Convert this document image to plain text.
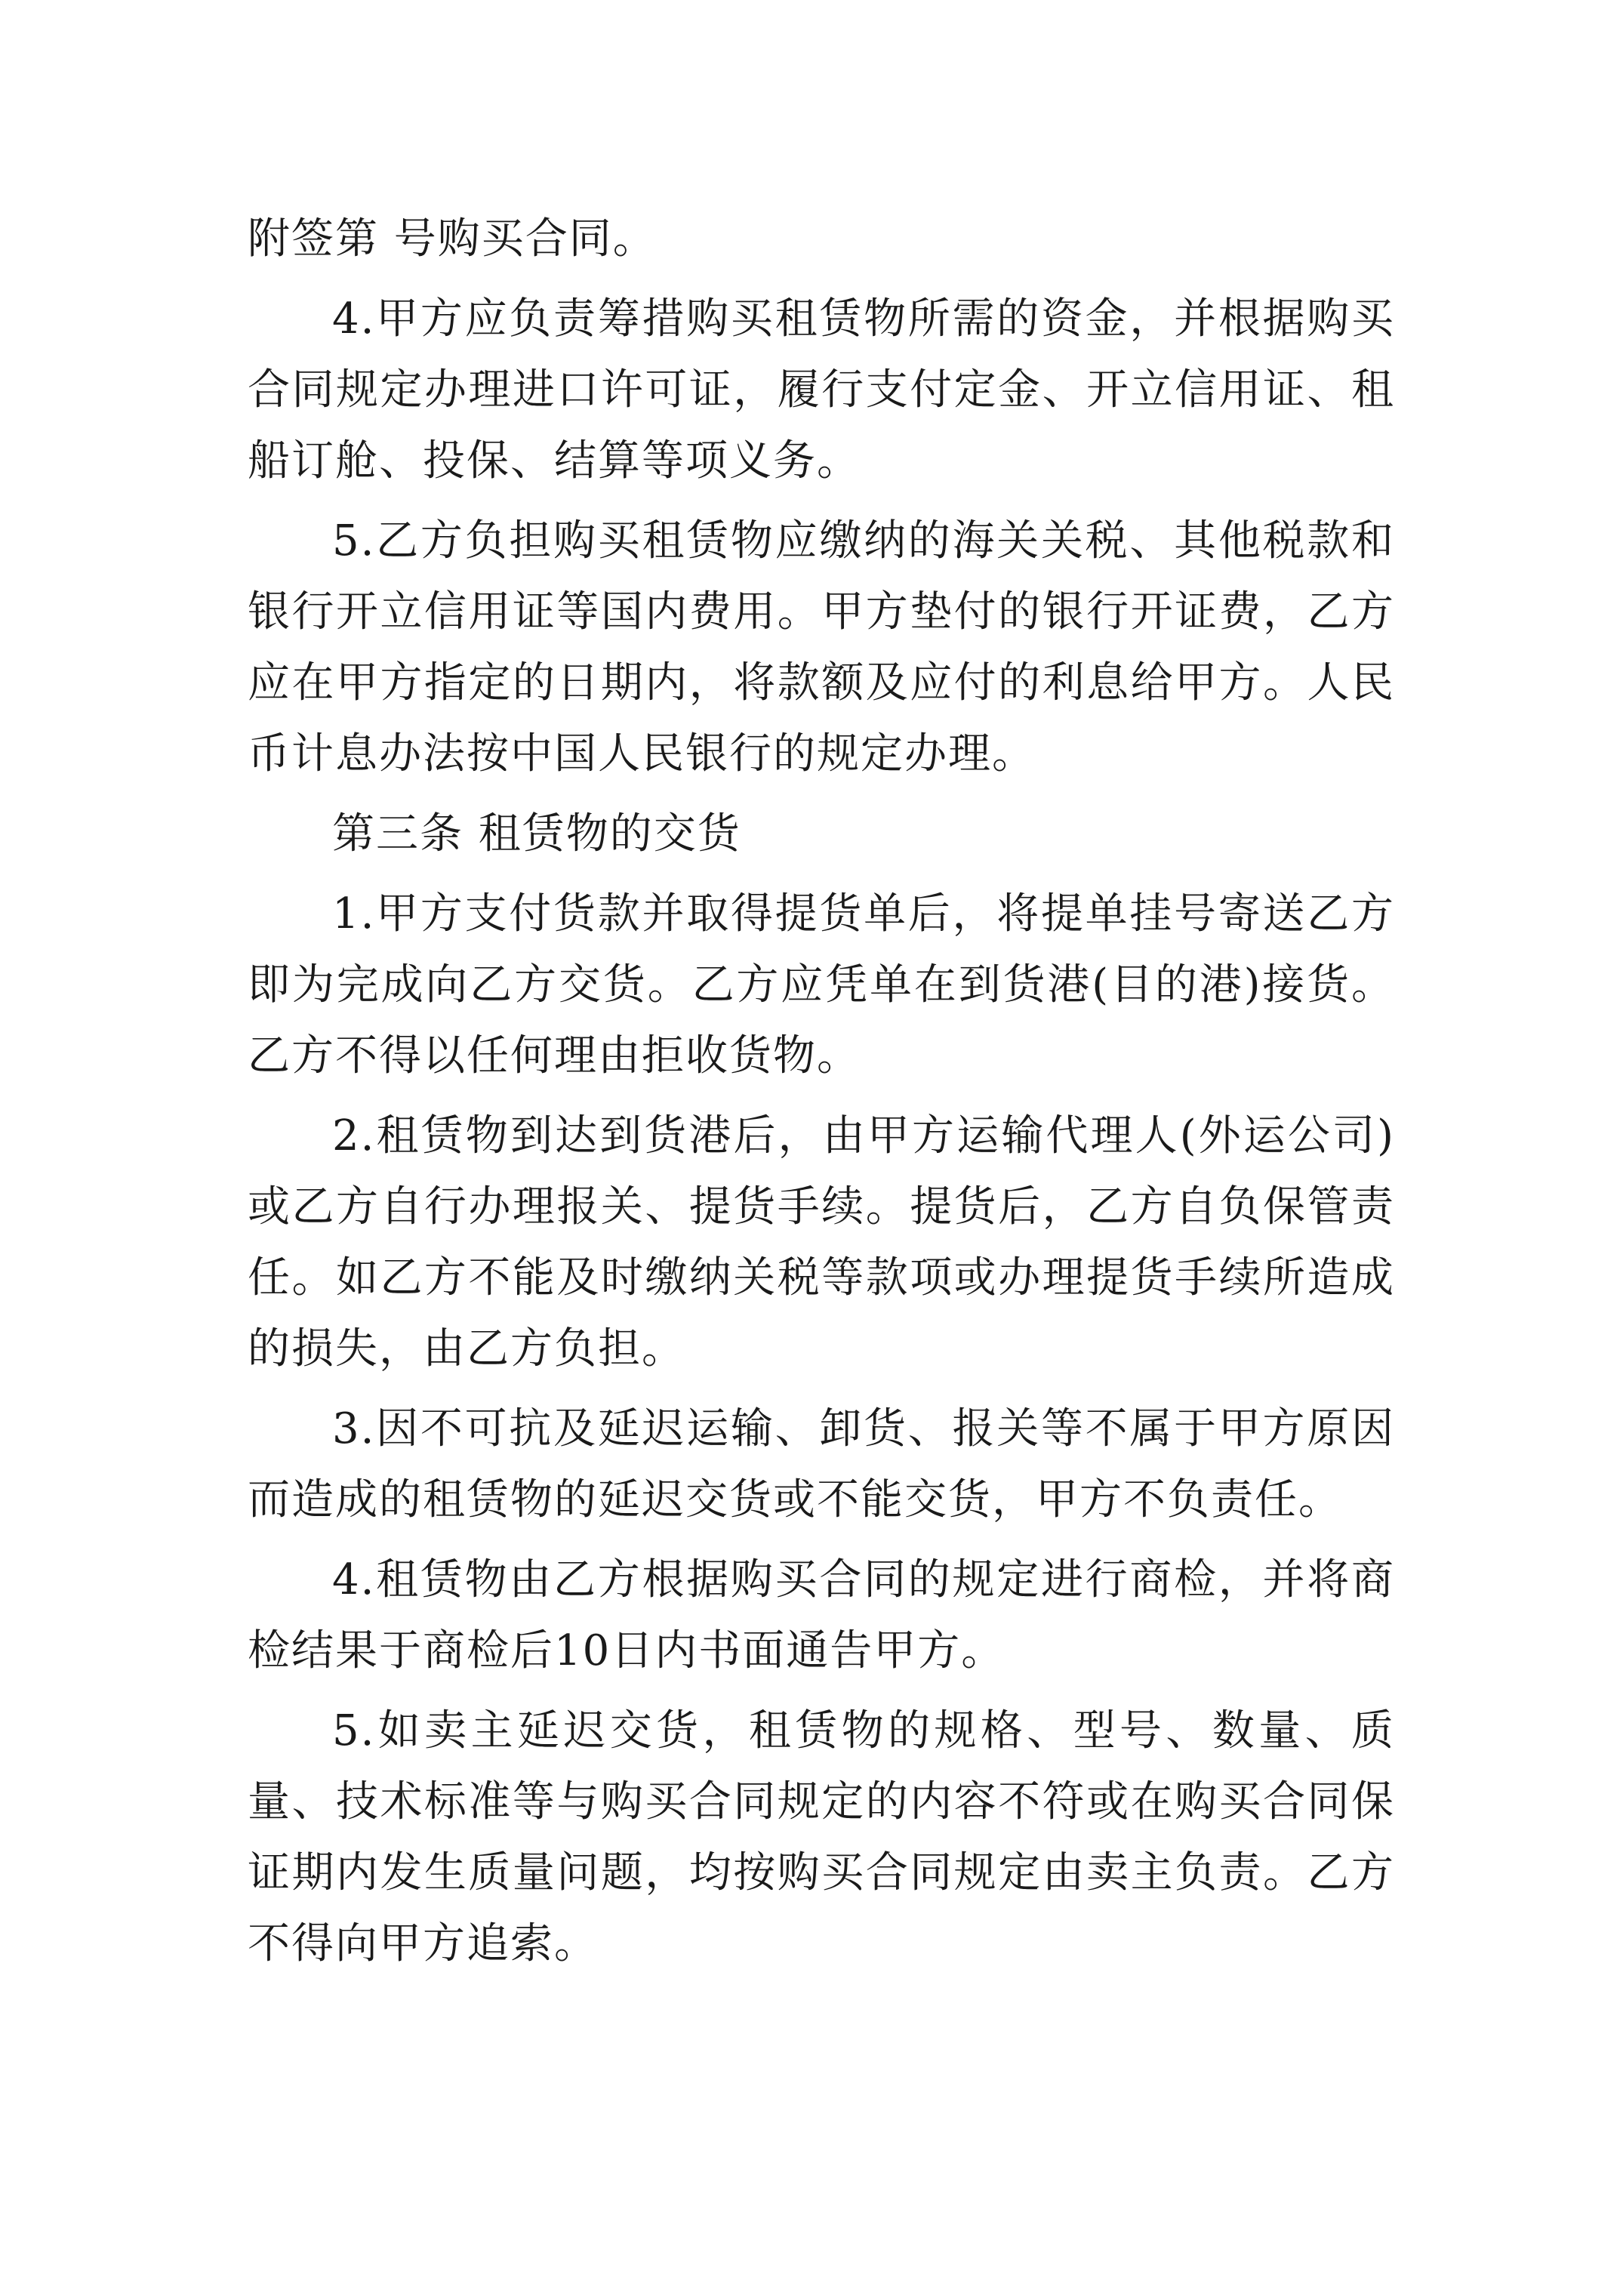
附签第 号购买合同。

4.甲方应负责筹措购买租赁物所需的资金，并根据购买合同规定办理进口许可证，履行支付定金、开立信用证、租船订舱、投保、结算等项义务。

5.乙方负担购买租赁物应缴纳的海关关税、其他税款和银行开立信用证等国内费用。甲方垫付的银行开证费，乙方应在甲方指定的日期内，将款额及应付的利息给甲方。人民币计息办法按中国人民银行的规定办理。

第三条 租赁物的交货

1.甲方支付货款并取得提货单后，将提单挂号寄送乙方即为完成向乙方交货。乙方应凭单在到货港(目的港)接货。乙方不得以任何理由拒收货物。

2.租赁物到达到货港后，由甲方运输代理人(外运公司)或乙方自行办理报关、提货手续。提货后，乙方自负保管责任。如乙方不能及时缴纳关税等款项或办理提货手续所造成的损失，由乙方负担。

3.因不可抗及延迟运输、卸货、报关等不属于甲方原因而造成的租赁物的延迟交货或不能交货，甲方不负责任。

4.租赁物由乙方根据购买合同的规定进行商检，并将商检结果于商检后10日内书面通告甲方。

5.如卖主延迟交货，租赁物的规格、型号、数量、质量、技术标准等与购买合同规定的内容不符或在购买合同保证期内发生质量问题，均按购买合同规定由卖主负责。乙方不得向甲方追索。
